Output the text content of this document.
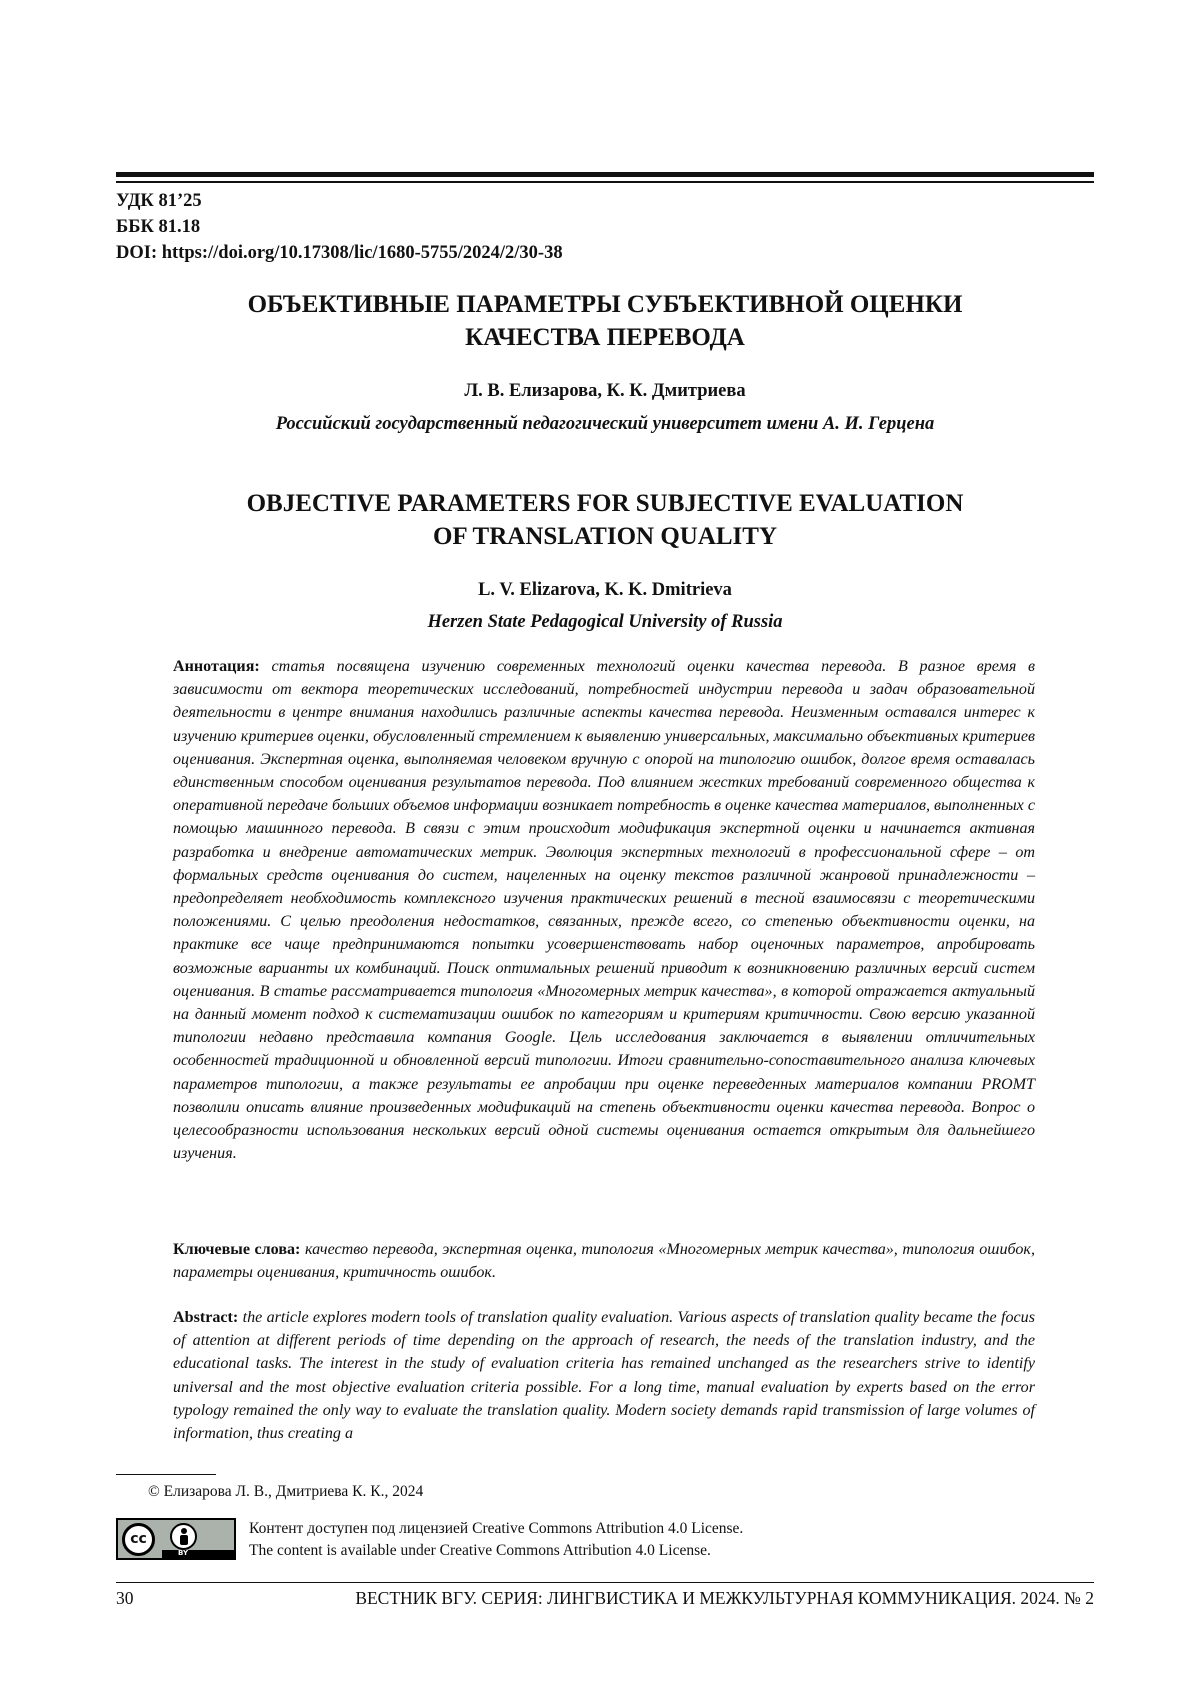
УДК 81’25
ББК 81.18
DOI: https://doi.org/10.17308/lic/1680-5755/2024/2/30-38
ОБЪЕКТИВНЫЕ ПАРАМЕТРЫ СУБЪЕКТИВНОЙ ОЦЕНКИ
КАЧЕСТВА ПЕРЕВОДА
Л. В. Елизарова, К. К. Дмитриева
Российский государственный педагогический университет имени А. И. Герцена
OBJECTIVE PARAMETERS FOR SUBJECTIVE EVALUATION
OF TRANSLATION QUALITY
L. V. Elizarova, K. K. Dmitrieva
Herzen State Pedagogical University of Russia
Аннотация: статья посвящена изучению современных технологий оценки качества перевода. В разное время в зависимости от вектора теоретических исследований, потребностей индустрии перевода и задач образовательной деятельности в центре внимания находились различные аспекты качества перевода. Неизменным оставался интерес к изучению критериев оценки, обусловленный стремлением к выявлению универсальных, максимально объективных критериев оценивания. Экспертная оценка, выполняемая человеком вручную с опорой на типологию ошибок, долгое время оставалась единственным способом оценивания результатов перевода. Под влиянием жестких требований современного общества к оперативной передаче больших объемов информации возникает потребность в оценке качества материалов, выполненных с помощью машинного перевода. В связи с этим происходит модификация экспертной оценки и начинается активная разработка и внедрение автоматических метрик. Эволюция экспертных технологий в профессиональной сфере – от формальных средств оценивания до систем, нацеленных на оценку текстов различной жанровой принадлежности – предопределяет необходимость комплексного изучения практических решений в тесной взаимосвязи с теоретическими положениями. С целью преодоления недостатков, связанных, прежде всего, со степенью объективности оценки, на практике все чаще предпринимаются попытки усовершенствовать набор оценочных параметров, апробировать возможные варианты их комбинаций. Поиск оптимальных решений приводит к возникновению различных версий систем оценивания. В статье рассматривается типология «Многомерных метрик качества», в которой отражается актуальный на данный момент подход к систематизации ошибок по категориям и критериям критичности. Свою версию указанной типологии недавно представила компания Google. Цель исследования заключается в выявлении отличительных особенностей традиционной и обновленной версий типологии. Итоги сравнительно-сопоставительного анализа ключевых параметров типологии, а также результаты ее апробации при оценке переведенных материалов компании PROMT позволили описать влияние произведенных модификаций на степень объективности оценки качества перевода. Вопрос о целесообразности использования нескольких версий одной системы оценивания остается открытым для дальнейшего изучения.
Ключевые слова: качество перевода, экспертная оценка, типология «Многомерных метрик качества», типология ошибок, параметры оценивания, критичность ошибок.
Abstract: the article explores modern tools of translation quality evaluation. Various aspects of translation quality became the focus of attention at different periods of time depending on the approach of research, the needs of the translation industry, and the educational tasks. The interest in the study of evaluation criteria has remained unchanged as the researchers strive to identify universal and the most objective evaluation criteria possible. For a long time, manual evaluation by experts based on the error typology remained the only way to evaluate the translation quality. Modern society demands rapid transmission of large volumes of information, thus creating a
© Елизарова Л. В., Дмитриева К. К., 2024
cc
BY
Контент доступен под лицензией Creative Commons Attribution 4.0 License.
The content is available under Creative Commons Attribution 4.0 License.
30	ВЕСТНИК ВГУ. СЕРИЯ: ЛИНГВИСТИКА И МЕЖКУЛЬТУРНАЯ КОММУНИКАЦИЯ. 2024. № 2
